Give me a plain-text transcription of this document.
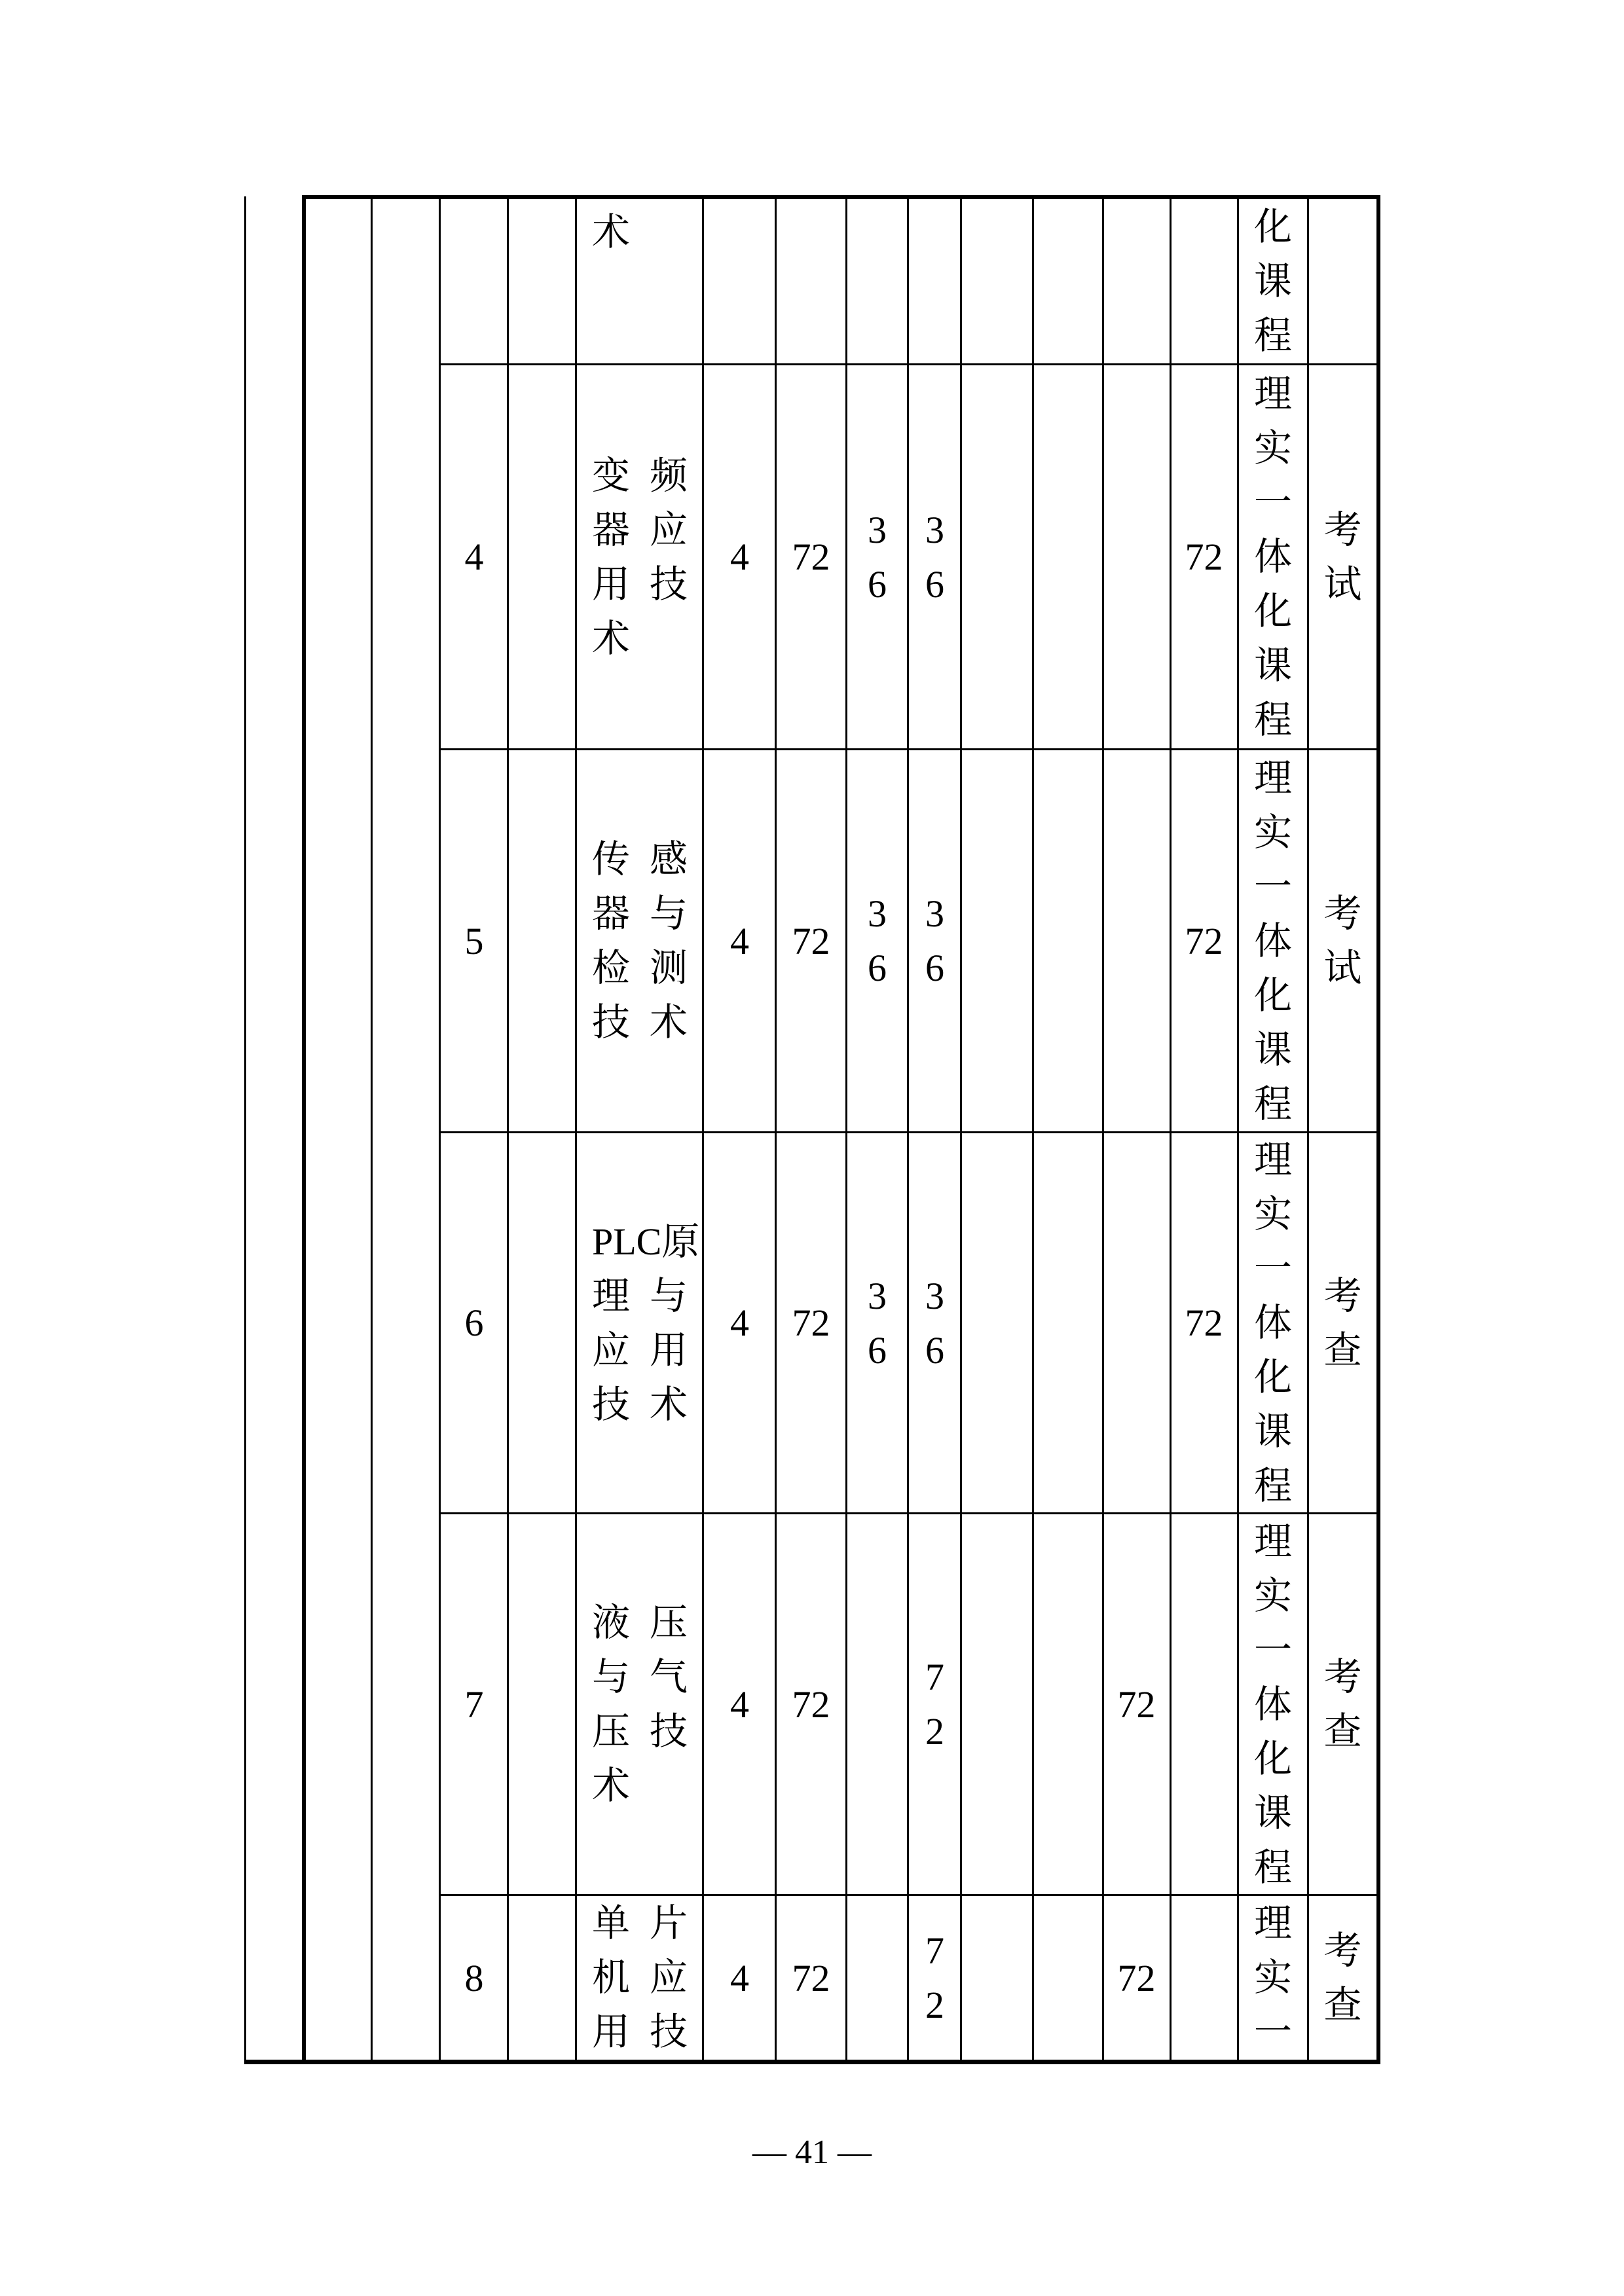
术	化
课
程
4
变 频
器 应
用 技
术
4 72
3
6
3
6
72
理
实
一
体
化
课
程
考
试
5
传 感
器 与
检 测
技 术
4 72
3
6
3
6
72
理
实
一
体
化
课
程
考
试
6
PLC 原
理 与
应 用
技 术
4 72
3
6
3
6
72
理
实
一
体
化
课
程
考
查
7
液 压
与 气
压 技
术
4 72
7
2
72
理
实
一
体
化
课
程
考
查
8
单 片
机 应
用 技
4 72
7
2
72
理
实
一
考
查
— 41 —
